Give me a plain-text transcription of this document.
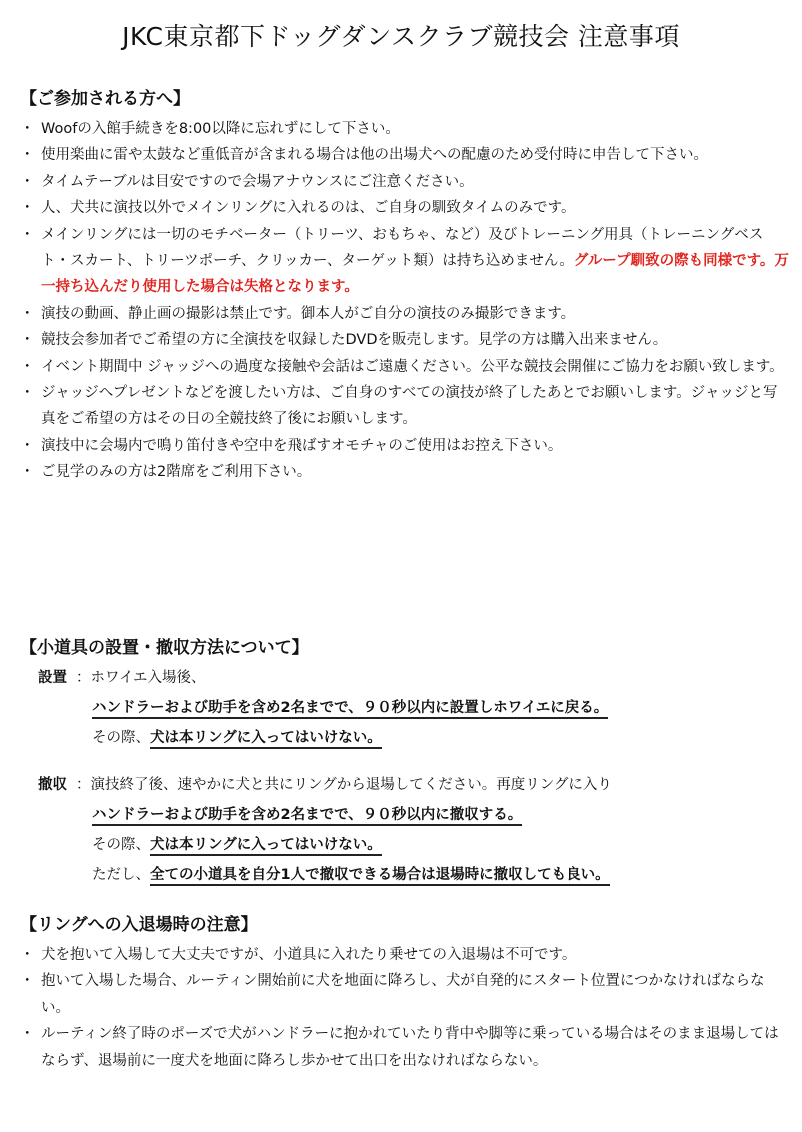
JKC東京都下ドッグダンスクラブ競技会 注意事項
【ご参加される方へ】
・ Woofの入館手続きを8:00以降に忘れずにして下さい。
・ 使用楽曲に雷や太鼓など重低音が含まれる場合は他の出場犬への配慮のため受付時に申告して下さい。
・ タイムテーブルは目安ですので会場アナウンスにご注意ください。
・ 人、犬共に演技以外でメインリングに入れるのは、ご自身の馴致タイムのみです。
・ メインリングには一切のモチベーター（トリーツ、おもちゃ、など）及びトレーニング用具（トレーニングベスト・スカート、トリーツポーチ、クリッカー、ターゲット類）は持ち込めません。グループ馴致の際も同様です。万一持ち込んだり使用した場合は失格となります。
・ 演技の動画、静止画の撮影は禁止です。御本人がご自分の演技のみ撮影できます。
・ 競技会参加者でご希望の方に全演技を収録したDVDを販売します。見学の方は購入出来ません。
・ イベント期間中 ジャッジへの過度な接触や会話はご遠慮ください。公平な競技会開催にご協力をお願い致します。
・ ジャッジへプレゼントなどを渡したい方は、ご自身のすべての演技が終了したあとでお願いします。ジャッジと写真をご希望の方はその日の全競技終了後にお願いします。
・ 演技中に会場内で鳴り笛付きや空中を飛ばすオモチャのご使用はお控え下さい。
・ ご見学のみの方は2階席をご利用下さい。
【小道具の設置・撤収方法について】
設置 ：ホワイエ入場後、
ハンドラーおよび助手を含め2名までで、９０秒以内に設置しホワイエに戻る。
その際、犬は本リングに入ってはいけない。
撤収 ：演技終了後、速やかに犬と共にリングから退場してください。再度リングに入り
ハンドラーおよび助手を含め2名までで、９０秒以内に撤収する。
その際、犬は本リングに入ってはいけない。
ただし、全ての小道具を自分1人で撤収できる場合は退場時に撤収しても良い。
【リングへの入退場時の注意】
・ 犬を抱いて入場して大丈夫ですが、小道具に入れたり乗せての入退場は不可です。
・ 抱いて入場した場合、ルーティン開始前に犬を地面に降ろし、犬が自発的にスタート位置につかなければならない。
・ ルーティン終了時のポーズで犬がハンドラーに抱かれていたり背中や脚等に乗っている場合はそのまま退場してはならず、退場前に一度犬を地面に降ろし歩かせて出口を出なければならない。
